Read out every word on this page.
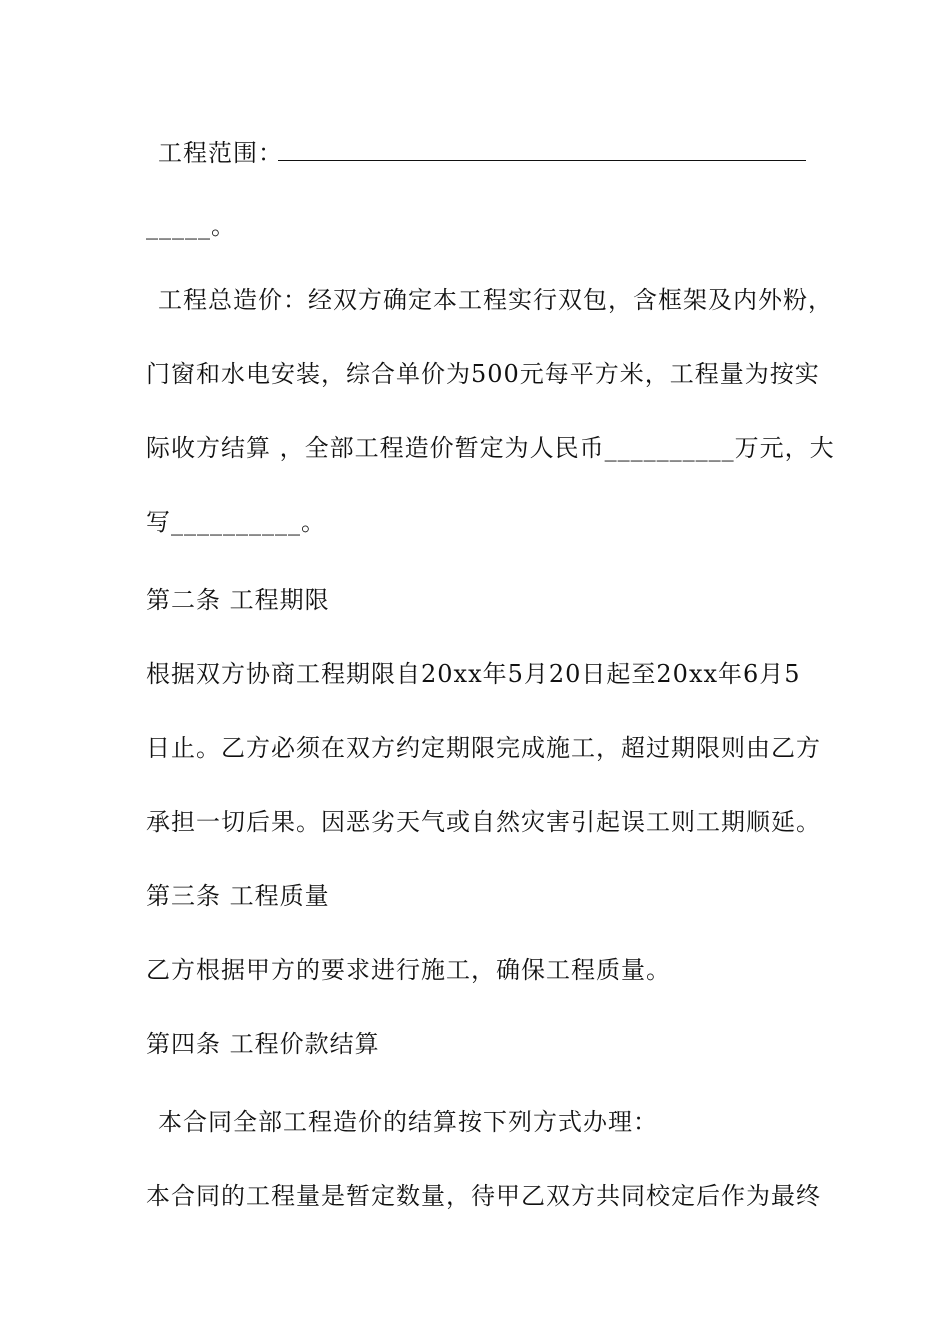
工程范围：
_____。
工程总造价：经双方确定本工程实行双包，含框架及内外粉，
门窗和水电安装，综合单价为500元每平方米，工程量为按实
际收方结算 ，全部工程造价暂定为人民币__________万元，大
写__________。
第二条 工程期限
根据双方协商工程期限自20xx年5月20日起至20xx年6月5
日止。乙方必须在双方约定期限完成施工，超过期限则由乙方
承担一切后果。因恶劣天气或自然灾害引起误工则工期顺延。
第三条 工程质量
乙方根据甲方的要求进行施工，确保工程质量。
第四条 工程价款结算
本合同全部工程造价的结算按下列方式办理：
本合同的工程量是暂定数量，待甲乙双方共同校定后作为最终
